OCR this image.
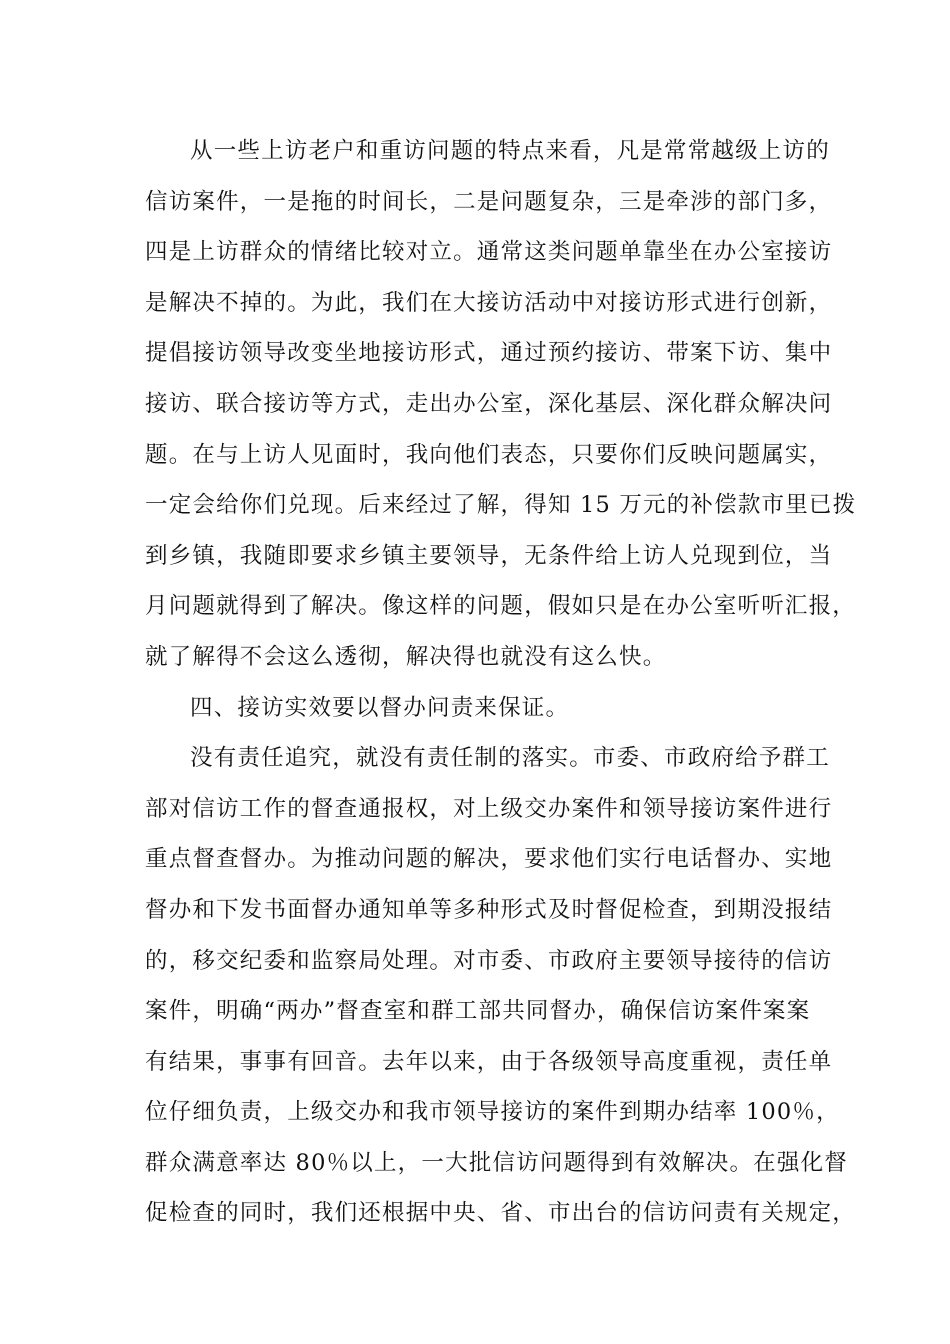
从一些上访老户和重访问题的特点来看，凡是常常越级上访的
信访案件，一是拖的时间长，二是问题复杂，三是牵涉的部门多，
四是上访群众的情绪比较对立。通常这类问题单靠坐在办公室接访
是解决不掉的。为此，我们在大接访活动中对接访形式进行创新，
提倡接访领导改变坐地接访形式，通过预约接访、带案下访、集中
接访、联合接访等方式，走出办公室，深化基层、深化群众解决问
题。在与上访人见面时，我向他们表态，只要你们反映问题属实，
一定会给你们兑现。后来经过了解，得知 15 万元的补偿款市里已拨
到乡镇，我随即要求乡镇主要领导，无条件给上访人兑现到位，当
月问题就得到了解决。像这样的问题，假如只是在办公室听听汇报，
就了解得不会这么透彻，解决得也就没有这么快。
四、接访实效要以督办问责来保证。
没有责任追究，就没有责任制的落实。市委、市政府给予群工
部对信访工作的督查通报权，对上级交办案件和领导接访案件进行
重点督查督办。为推动问题的解决，要求他们实行电话督办、实地
督办和下发书面督办通知单等多种形式及时督促检查，到期没报结
的，移交纪委和监察局处理。对市委、市政府主要领导接待的信访
案件，明确“两办”督查室和群工部共同督办，确保信访案件案案
有结果，事事有回音。去年以来，由于各级领导高度重视，责任单
位仔细负责，上级交办和我市领导接访的案件到期办结率 100％，
群众满意率达 80％以上，一大批信访问题得到有效解决。在强化督
促检查的同时，我们还根据中央、省、市出台的信访问责有关规定，
